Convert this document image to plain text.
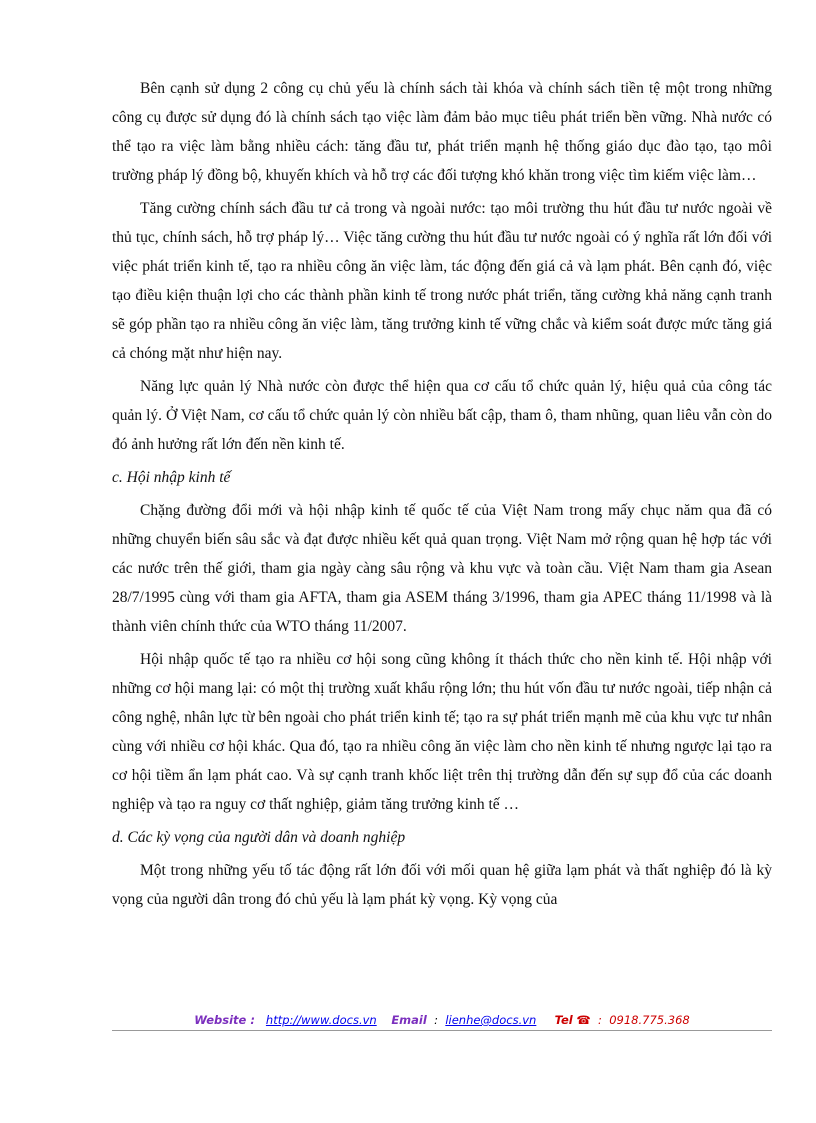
Bên cạnh sử dụng 2 công cụ chủ yếu là chính sách tài khóa và chính sách tiền tệ một trong những công cụ được sử dụng đó là chính sách tạo việc làm đảm bảo mục tiêu phát triển bền vững. Nhà nước có thể tạo ra việc làm bằng nhiều cách: tăng đầu tư, phát triển mạnh hệ thống giáo dục đào tạo, tạo môi trường pháp lý đồng bộ, khuyến khích và hỗ trợ các đối tượng khó khăn trong việc tìm kiếm việc làm…

Tăng cường chính sách đầu tư cả trong và ngoài nước: tạo môi trường thu hút đầu tư nước ngoài về thủ tục, chính sách, hỗ trợ pháp lý… Việc tăng cường thu hút đầu tư nước ngoài có ý nghĩa rất lớn đối với việc phát triển kinh tế, tạo ra nhiều công ăn việc làm, tác động đến giá cả và lạm phát. Bên cạnh đó, việc tạo điều kiện thuận lợi cho các thành phần kinh tế trong nước phát triển, tăng cường khả năng cạnh tranh sẽ góp phần tạo ra nhiều công ăn việc làm, tăng trưởng kinh tế vững chắc và kiểm soát được mức tăng giá cả chóng mặt như hiện nay.

Năng lực quản lý Nhà nước còn được thể hiện qua cơ cấu tổ chức quản lý, hiệu quả của công tác quản lý. Ở Việt Nam, cơ cấu tổ chức quản lý còn nhiều bất cập, tham ô, tham nhũng, quan liêu vẫn còn do đó ảnh hưởng rất lớn đến nền kinh tế.

c. Hội nhập kinh tế

Chặng đường đổi mới và hội nhập kinh tế quốc tế của Việt Nam trong mấy chục năm qua đã có những chuyển biến sâu sắc và đạt được nhiều kết quả quan trọng. Việt Nam mở rộng quan hệ hợp tác với các nước trên thế giới, tham gia ngày càng sâu rộng và khu vực và toàn cầu. Việt Nam tham gia Asean 28/7/1995 cùng với tham gia AFTA, tham gia ASEM tháng 3/1996, tham gia APEC tháng 11/1998 và là thành viên chính thức của WTO tháng 11/2007.

Hội nhập quốc tế tạo ra nhiều cơ hội song cũng không ít thách thức cho nền kinh tế. Hội nhập với những cơ hội mang lại: có một thị trường xuất khẩu rộng lớn; thu hút vốn đầu tư nước ngoài, tiếp nhận cả công nghệ, nhân lực từ bên ngoài cho phát triển kinh tế; tạo ra sự phát triển mạnh mẽ của khu vực tư nhân cùng với nhiều cơ hội khác. Qua đó, tạo ra nhiều công ăn việc làm cho nền kinh tế nhưng ngược lại tạo ra cơ hội tiềm ẩn lạm phát cao. Và sự cạnh tranh khốc liệt trên thị trường dẫn đến sự sụp đổ của các doanh nghiệp và tạo ra nguy cơ thất nghiệp, giảm tăng trưởng kinh tế …

d. Các kỳ vọng của người dân và doanh nghiệp

Một trong những yếu tố tác động rất lớn đối với mối quan hệ giữa lạm phát và thất nghiệp đó là kỳ vọng của người dân trong đó chủ yếu là lạm phát kỳ vọng. Kỳ vọng của

Website : http://www.docs.vn Email  :  lienhe@docs.vn Tel ☎  :  0918.775.368
